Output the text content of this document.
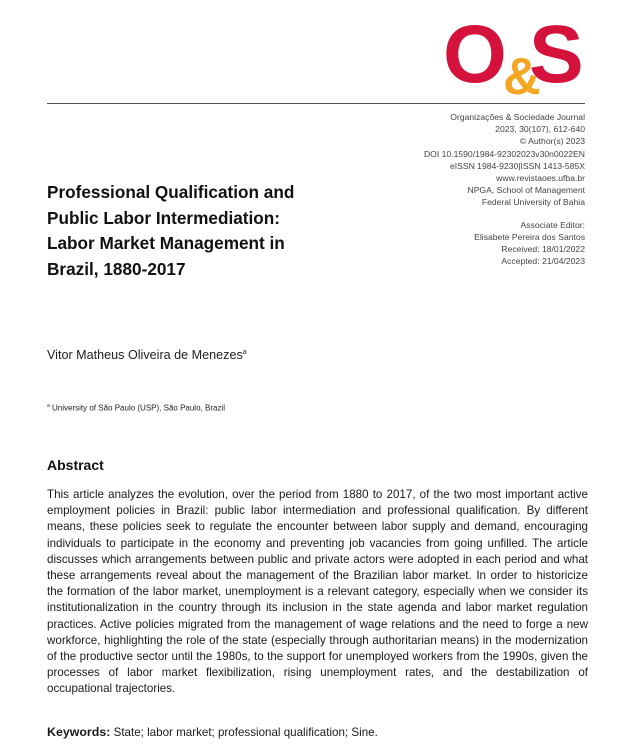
O S
&
Organizações & Sociedade Journal
2023, 30(107), 612-640
© Author(s) 2023
DOI 10.1590/1984-92302023v30n0022EN
eISSN 1984-9230|ISSN 1413-585X
www.revistaoes.ufba.br
NPGA, School of Management
Federal University of Bahia
Associate Editor:
Elisabete Pereira dos Santos
Received: 18/01/2022
Accepted: 21/04/2023
Professional Qualification and Public Labor Intermediation: Labor Market Management in Brazil, 1880-2017
Vitor Matheus Oliveira de Menezes$^a$
$^a$ University of São Paulo (USP), São Paulo, Brazil
Abstract

This article analyzes the evolution, over the period from 1880 to 2017, of the two most important active employment policies in Brazil: public labor intermediation and professional qualification. By different means, these policies seek to regulate the encounter between labor supply and demand, encouraging individuals to participate in the economy and preventing job vacancies from going unfilled. The article discusses which arrangements between public and private actors were adopted in each period and what these arrangements reveal about the management of the Brazilian labor market. In order to historicize the formation of the labor market, unemployment is a relevant category, especially when we consider its institutionalization in the country through its inclusion in the state agenda and labor market regulation practices. Active policies migrated from the management of wage relations and the need to forge a new workforce, highlighting the role of the state (especially through authoritarian means) in the modernization of the productive sector until the 1980s, to the support for unemployed workers from the 1990s, given the processes of labor market flexibilization, rising unemployment rates, and the destabilization of occupational trajectories.

Keywords: State; labor market; professional qualification; Sine.
